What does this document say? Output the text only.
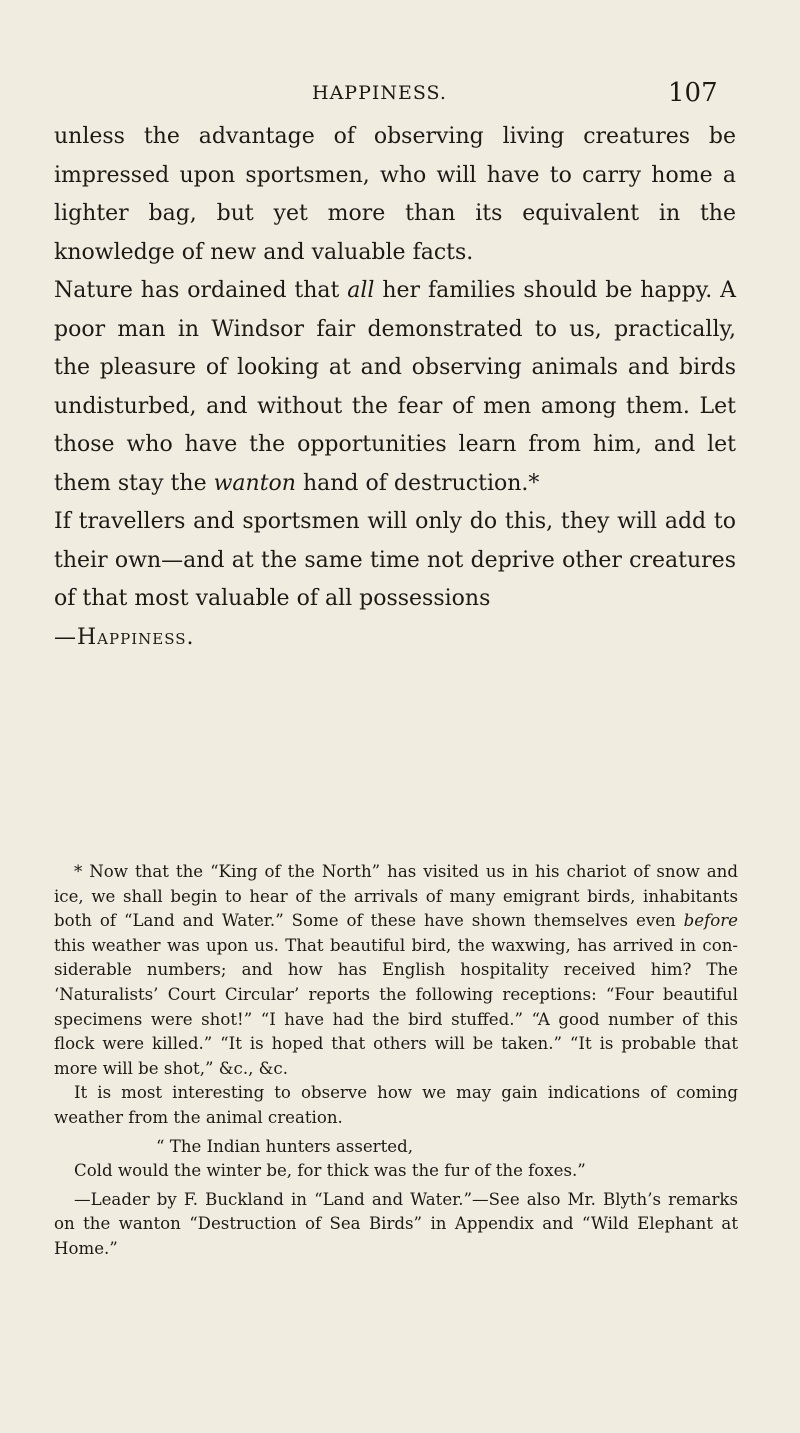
HAPPINESS.	107

unless the advantage of observing living creatures be impressed upon sportsmen, who will have to carry home a lighter bag, but yet more than its equivalent in the knowledge of new and valuable facts.

Nature has ordained that all her families should be happy. A poor man in Windsor fair demonstrated to us, practically, the pleasure of looking at and observing animals and birds undisturbed, and without the fear of men among them. Let those who have the opportunities learn from him, and let them stay the wanton hand of destruction.*

If travellers and sportsmen will only do this, they will add to their own—and at the same time not deprive other creatures of that most valuable of all possessions

—Happiness.

* Now that the “King of the North” has visited us in his chariot of snow and ice, we shall begin to hear of the arrivals of many emigrant birds, inhabitants both of “Land and Water.” Some of these have shown themselves even before this weather was upon us. That beautiful bird, the waxwing, has arrived in considerable numbers; and how has English hospitality received him? The ‘Naturalists’ Court Circular’ reports the following receptions: “Four beautiful specimens were shot!” “I have had the bird stuffed.” “A good number of this flock were killed.” “It is hoped that others will be taken.” “It is probable that more will be shot,” &c., &c.

It is most interesting to observe how we may gain indications of coming weather from the animal creation.

“ The Indian hunters asserted,
Cold would the winter be, for thick was the fur of the foxes.”

—Leader by F. Buckland in “Land and Water.”—See also Mr. Blyth’s remarks on the wanton “Destruction of Sea Birds” in Appendix and “Wild Elephant at Home.”
